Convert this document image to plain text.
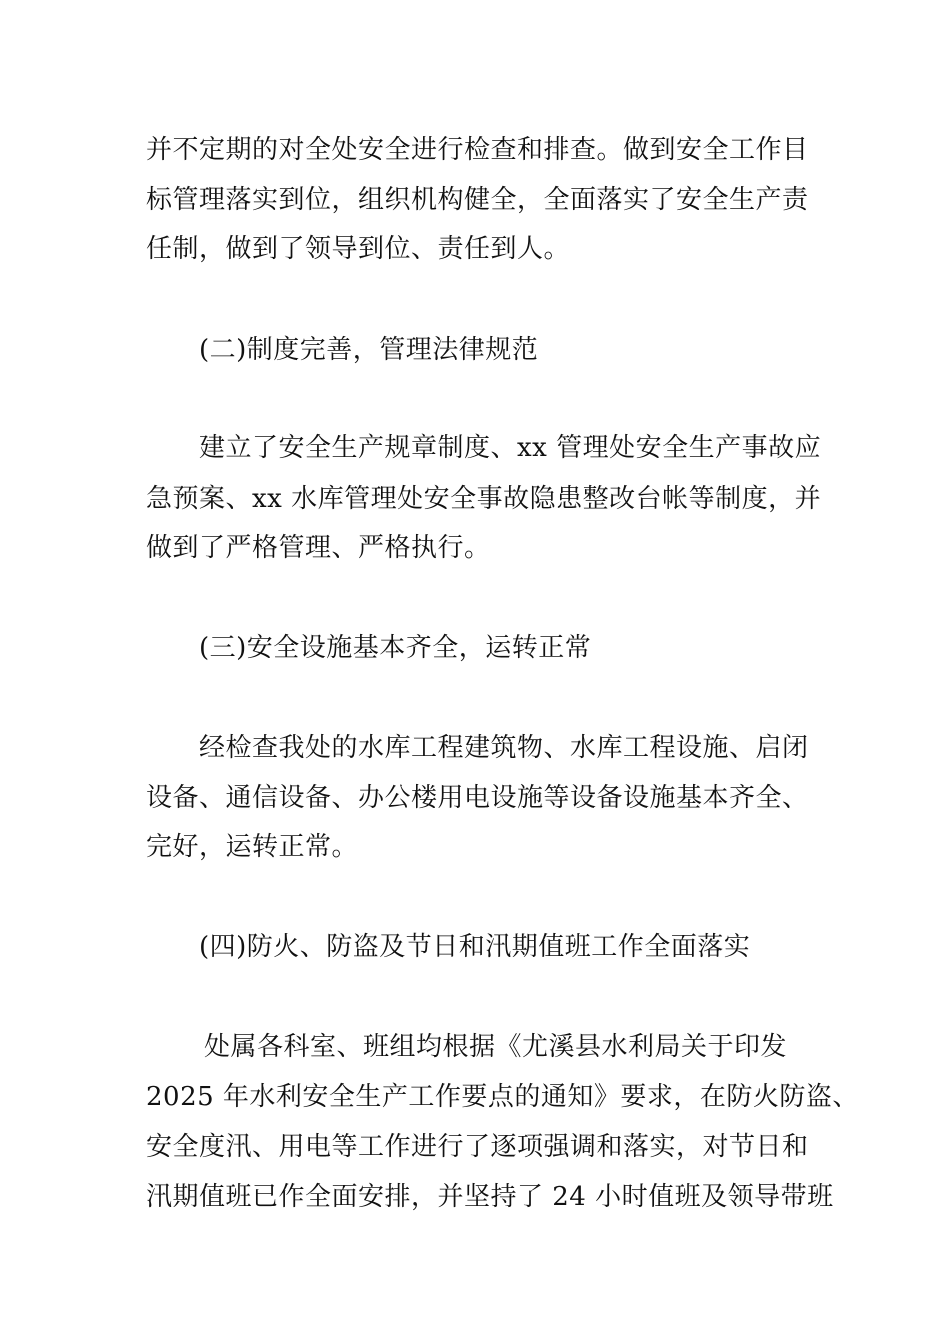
并不定期的对全处安全进行检查和排查。做到安全工作目
标管理落实到位，组织机构健全，全面落实了安全生产责
任制，做到了领导到位、责任到人。
(二)制度完善，管理法律规范
建立了安全生产规章制度、xx 管理处安全生产事故应
急预案、xx 水库管理处安全事故隐患整改台帐等制度，并
做到了严格管理、严格执行。
(三)安全设施基本齐全，运转正常
经检查我处的水库工程建筑物、水库工程设施、启闭
设备、通信设备、办公楼用电设施等设备设施基本齐全、
完好，运转正常。
(四)防火、防盗及节日和汛期值班工作全面落实
处属各科室、班组均根据《尤溪县水利局关于印发
2025 年水利安全生产工作要点的通知》要求，在防火防盗、
安全度汛、用电等工作进行了逐项强调和落实，对节日和
汛期值班已作全面安排，并坚持了 24 小时值班及领导带班
